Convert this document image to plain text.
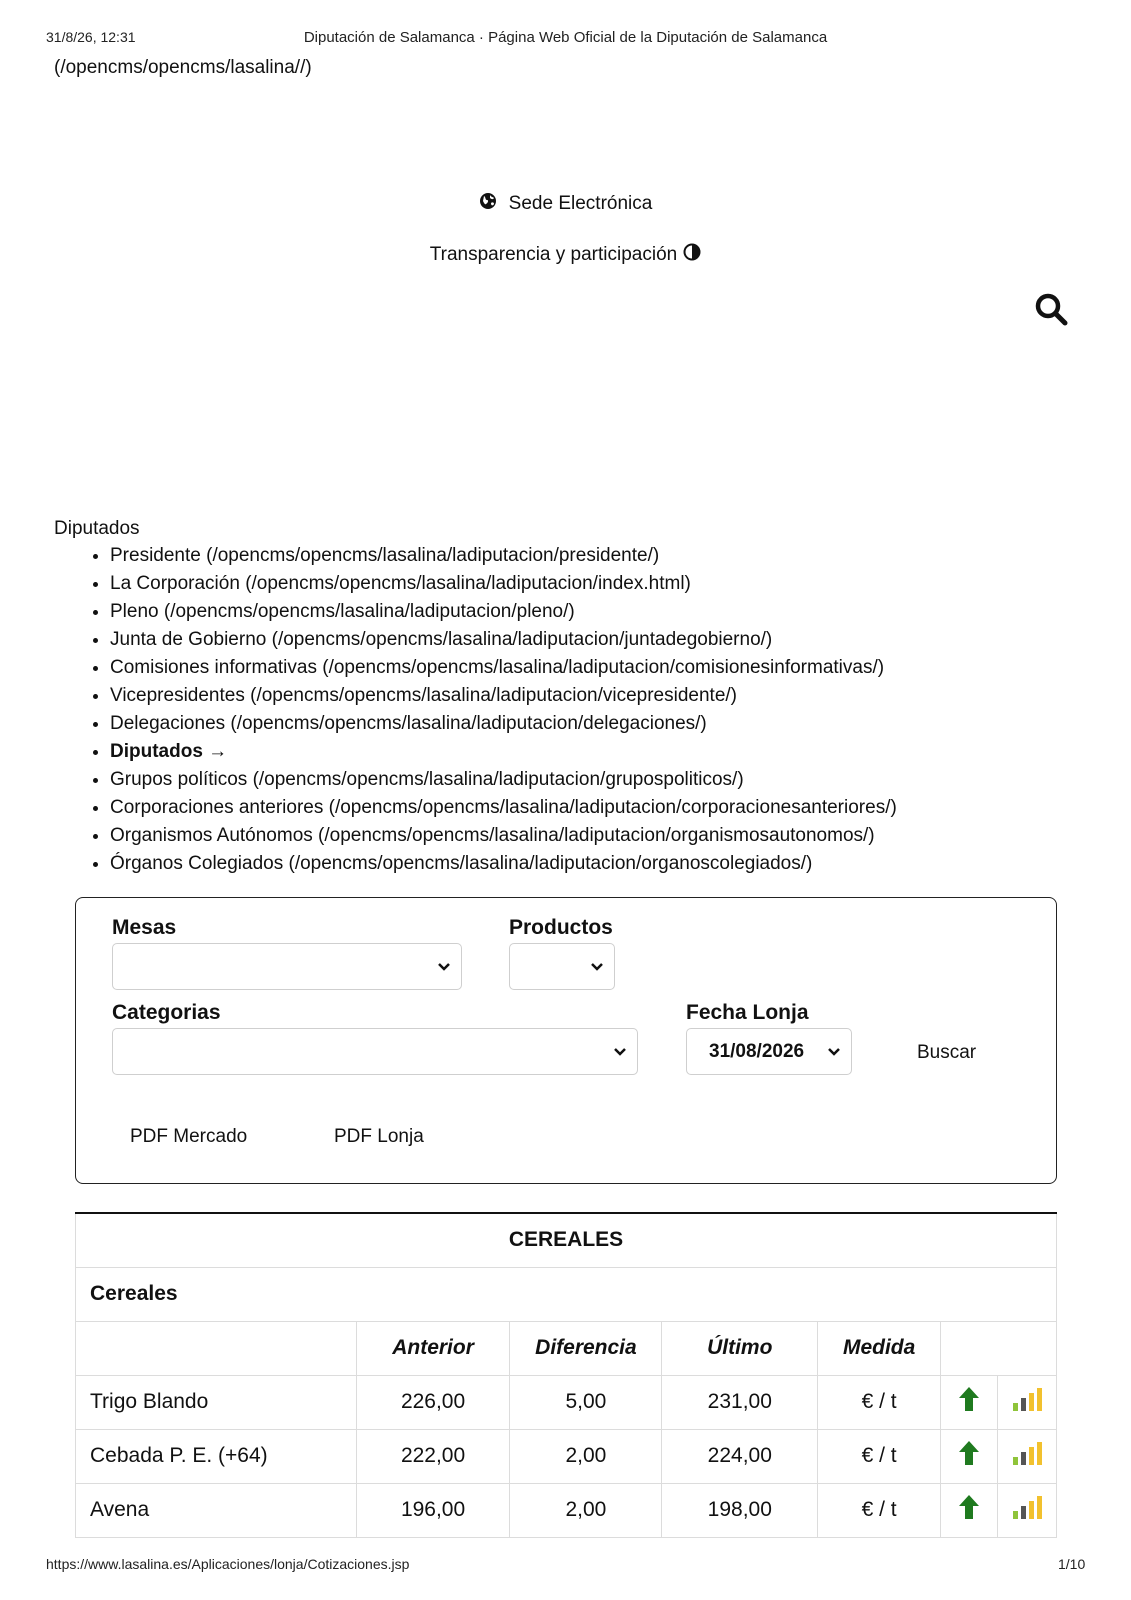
31/8/26, 12:31	Diputación de Salamanca · Página Web Oficial de la Diputación de Salamanca
(/opencms/opencms/lasalina//)
Sede Electrónica
Transparencia y participación
Diputados
• Presidente (/opencms/opencms/lasalina/ladiputacion/presidente/)
• La Corporación (/opencms/opencms/lasalina/ladiputacion/index.html)
• Pleno (/opencms/opencms/lasalina/ladiputacion/pleno/)
• Junta de Gobierno (/opencms/opencms/lasalina/ladiputacion/juntadegobierno/)
• Comisiones informativas (/opencms/opencms/lasalina/ladiputacion/comisionesinformativas/)
• Vicepresidentes (/opencms/opencms/lasalina/ladiputacion/vicepresidente/)
• Delegaciones (/opencms/opencms/lasalina/ladiputacion/delegaciones/)
• Diputados →
• Grupos políticos (/opencms/opencms/lasalina/ladiputacion/grupospoliticos/)
• Corporaciones anteriores (/opencms/opencms/lasalina/ladiputacion/corporacionesanteriores/)
• Organismos Autónomos (/opencms/opencms/lasalina/ladiputacion/organismosautonomos/)
• Órganos Colegiados (/opencms/opencms/lasalina/ladiputacion/organoscolegiados/)
Mesas	Productos
Categorias	Fecha Lonja
31/08/2026	Buscar
PDF Mercado	PDF Lonja
CEREALES						
Cereales						
	Anterior	Diferencia	Último	Medida		
Trigo Blando	226,00	5,00	231,00	€ / t		
Cebada P. E. (+64)	222,00	2,00	224,00	€ / t		
Avena	196,00	2,00	198,00	€ / t		
https://www.lasalina.es/Aplicaciones/lonja/Cotizaciones.jsp	1/10
